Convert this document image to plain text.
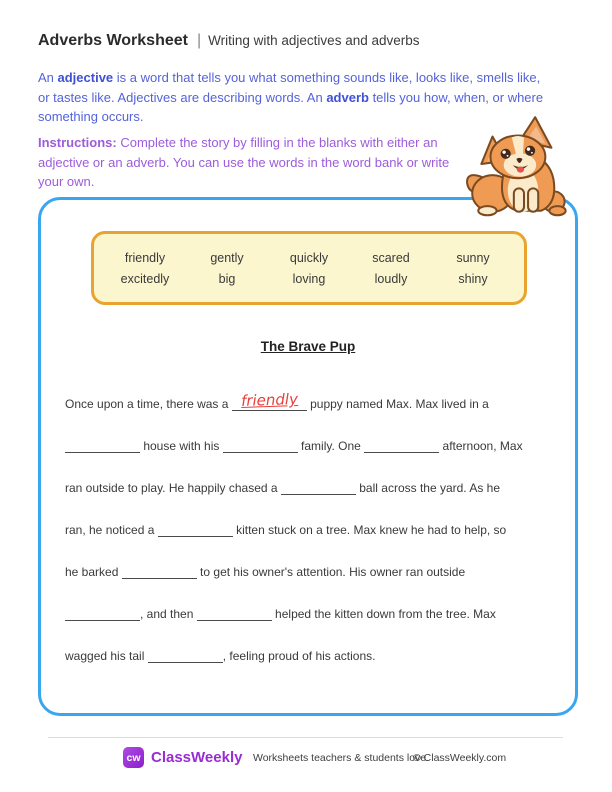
Adverbs Worksheet | Writing with adjectives and adverbs
An adjective is a word that tells you what something sounds like, looks like, smells like, or tastes like. Adjectives are describing words. An adverb tells you how, when, or where something occurs.
Instructions: Complete the story by filling in the blanks with either an adjective or an adverb. You can use the words in the word bank or write your own.
friendly	gently	quickly	scared	sunny
excitedly	big	loving	loudly	shiny
The Brave Pup
Once upon a time, there was a friendly puppy named Max. Max lived in a
house with his	family. One	afternoon, Max
ran outside to play. He happily chased a	ball across the yard. As he
ran, he noticed a	kitten stuck on a tree. Max knew he had to help, so
he barked	to get his owner's attention. His owner ran outside
, and then	helped the kitten down from the tree. Max
wagged his tail	, feeling proud of his actions.
cw ClassWeekly Worksheets teachers & students love.
© ClassWeekly.com
